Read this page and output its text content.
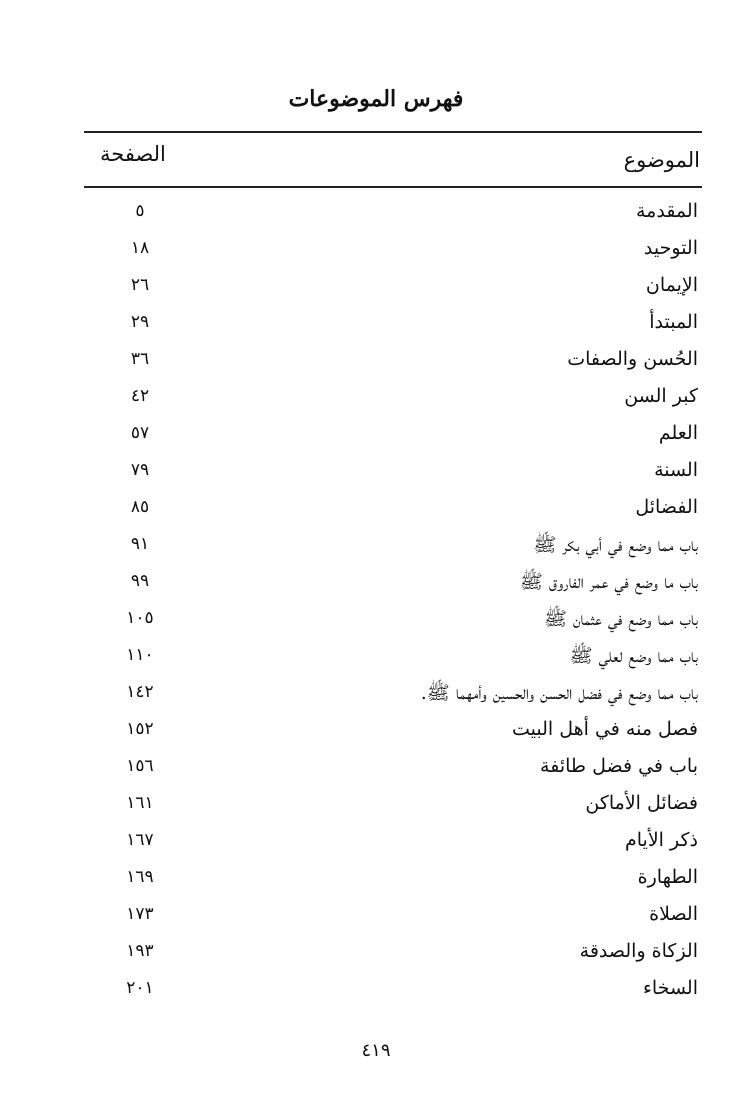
فهرس الموضوعات
الموضوع
الصفحة
المقدمة
٥
التوحيد
١٨
الإيمان
٢٦
المبتدأ
٢٩
الحُسن والصفات
٣٦
كبر السن
٤٢
العلم
٥٧
السنة
٧٩
الفضائل
٨٥
باب مما وضع في أبي بكر ﷺ
٩١
باب ما وضع في عمر الفاروق ﷺ
٩٩
باب مما وضع في عثمان ﷺ
١٠٥
باب مما وضع لعلي ﷺ
١١٠
باب مما وضع في فضل الحسن والحسين وأمهما ﷺ.
١٤٢
فصل منه في أهل البيت
١٥٢
باب في فضل طائفة
١٥٦
فضائل الأماكن
١٦١
ذكر الأيام
١٦٧
الطهارة
١٦٩
الصلاة
١٧٣
الزكاة والصدقة
١٩٣
السخاء
٢٠١
٤١٩
